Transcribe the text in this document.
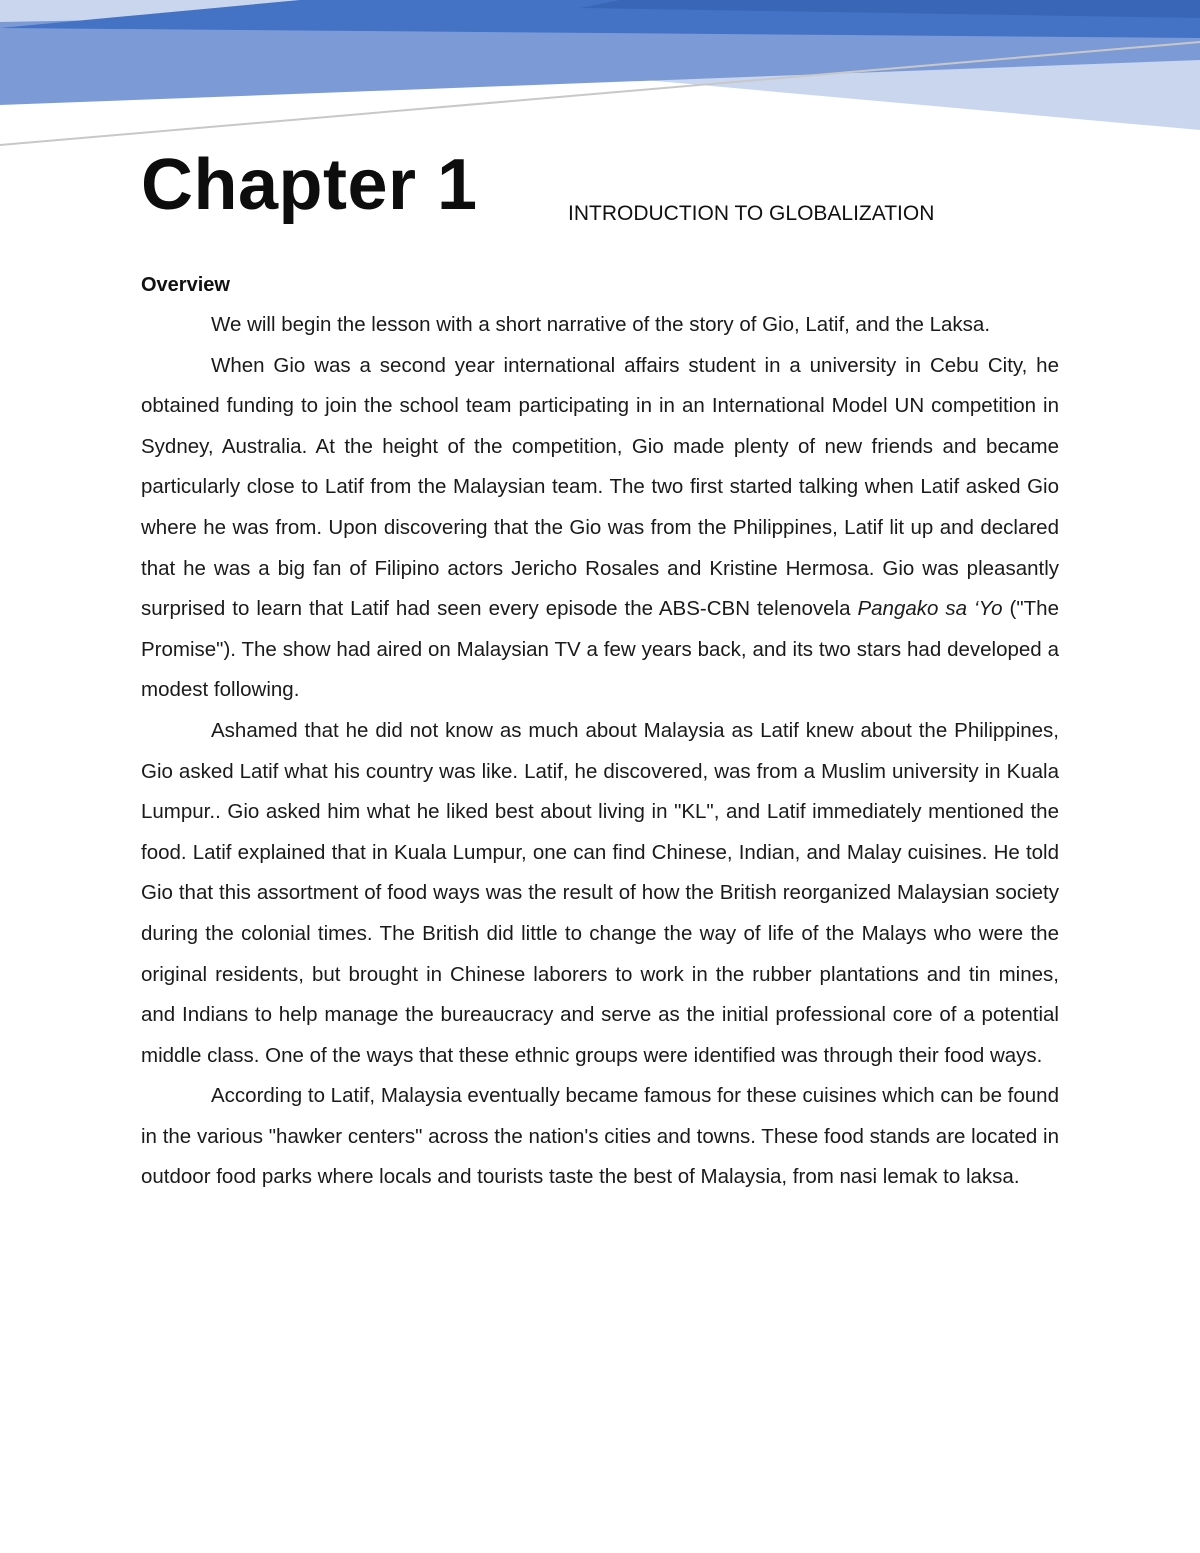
Chapter 1	INTRODUCTION TO GLOBALIZATION
Overview

We will begin the lesson with a short narrative of the story of Gio, Latif, and the Laksa.

When Gio was a second year international affairs student in a university in Cebu City, he obtained funding to join the school team participating in in an International Model UN competition in Sydney, Australia. At the height of the competition, Gio made plenty of new friends and became particularly close to Latif from the Malaysian team. The two first started talking when Latif asked Gio where he was from. Upon discovering that the Gio was from the Philippines, Latif lit up and declared that he was a big fan of Filipino actors Jericho Rosales and Kristine Hermosa. Gio was pleasantly surprised to learn that Latif had seen every episode the ABS-CBN telenovela Pangako sa ‘Yo ("The Promise"). The show had aired on Malaysian TV a few years back, and its two stars had developed a modest following.

Ashamed that he did not know as much about Malaysia as Latif knew about the Philippines, Gio asked Latif what his country was like. Latif, he discovered, was from a Muslim university in Kuala Lumpur.. Gio asked him what he liked best about living in "KL", and Latif immediately mentioned the food. Latif explained that in Kuala Lumpur, one can find Chinese, Indian, and Malay cuisines. He told Gio that this assortment of food ways was the result of how the British reorganized Malaysian society during the colonial times. The British did little to change the way of life of the Malays who were the original residents, but brought in Chinese laborers to work in the rubber plantations and tin mines, and Indians to help manage the bureaucracy and serve as the initial professional core of a potential middle class. One of the ways that these ethnic groups were identified was through their food ways.

According to Latif, Malaysia eventually became famous for these cuisines which can be found in the various "hawker centers" across the nation's cities and towns. These food stands are located in outdoor food parks where locals and tourists taste the best of Malaysia, from nasi lemak to laksa.
